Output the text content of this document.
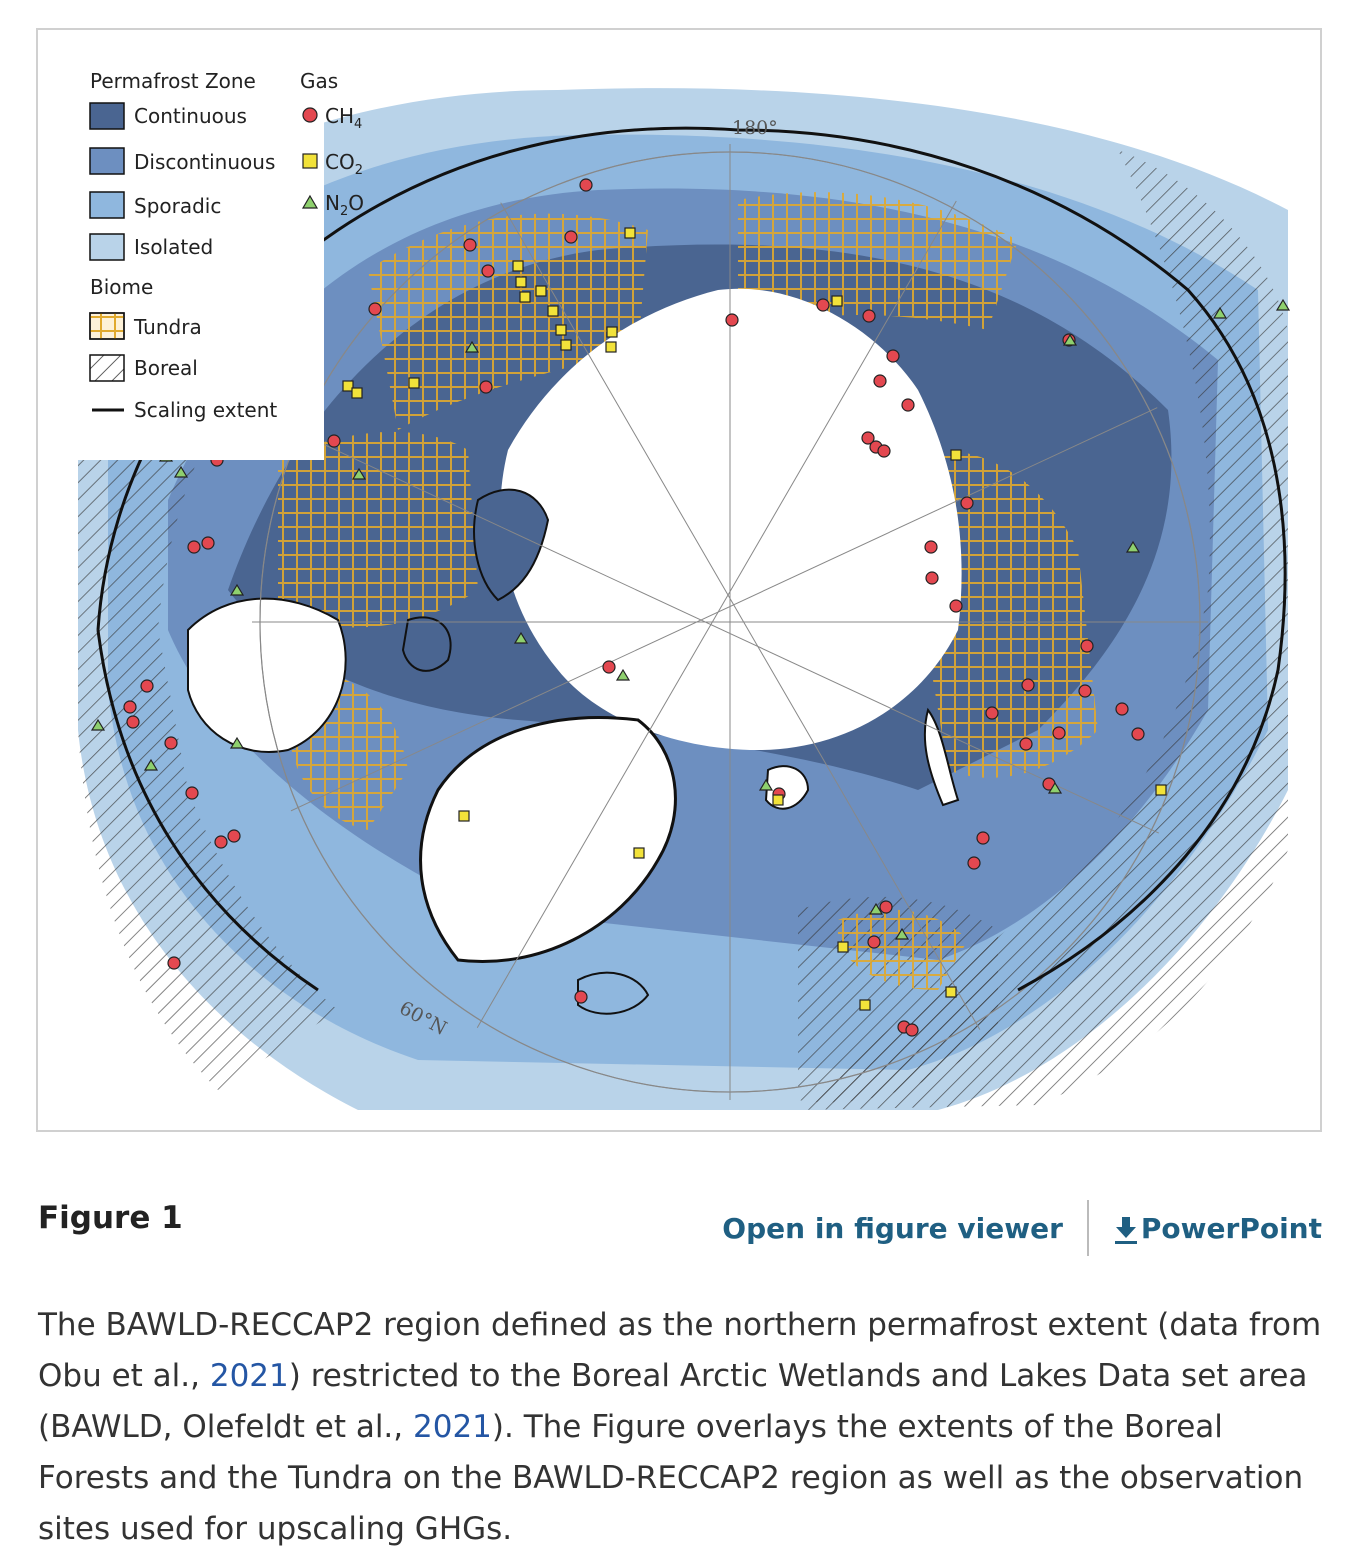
180°
60°N
Permafrost Zone Gas
Continuous
Discontinuous
Sporadic
Isolated
$CH_4$
$CO_2$
$N_2O$
Biome
Tundra
Boreal
Scaling extent
Figure 1	Open in figure viewer	PowerPoint
The BAWLD-RECCAP2 region defined as the northern permafrost extent (data from Obu et al., 2021) restricted to the Boreal Arctic Wetlands and Lakes Data set area (BAWLD, Olefeldt et al., 2021). The Figure overlays the extents of the Boreal Forests and the Tundra on the BAWLD-RECCAP2 region as well as the observation sites used for upscaling GHGs.
